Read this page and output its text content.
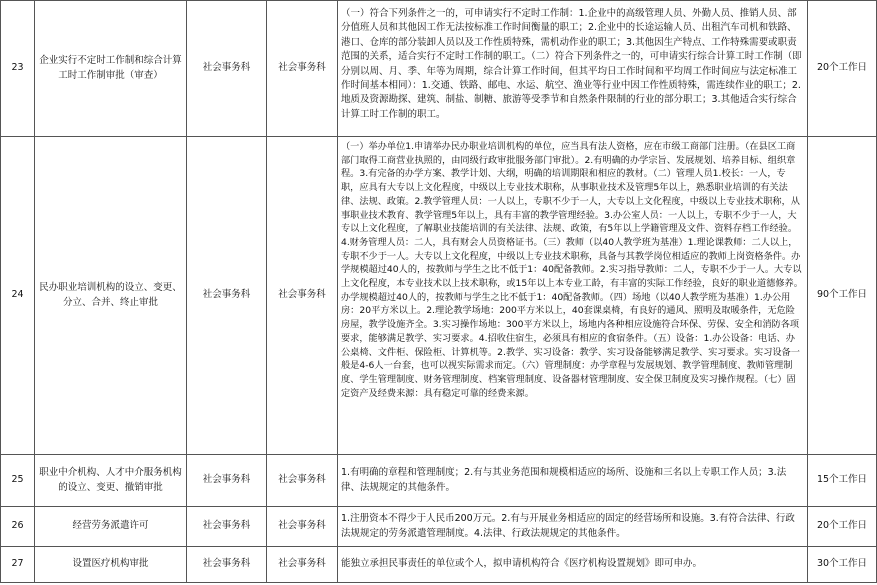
23	企业实行不定时工作制和综合计算工时工作制审批（审查）	社会事务科	社会事务科	（一）符合下列条件之一的，可申请实行不定时工作制：1.企业中的高级管理人员、外勤人员、推销人员、部分值班人员和其他因工作无法按标准工作时间衡量的职工；2.企业中的长途运输人员、出租汽车司机和铁路、港口、仓库的部分装卸人员以及工作性质特殊，需机动作业的职工；3.其他因生产特点、工作特殊需要或职责范围的关系，适合实行不定时工作制的职工。（二）符合下列条件之一的，可申请实行综合计算工时工作制（即分别以周、月、季、年等为周期，综合计算工作时间，但其平均日工作时间和平均周工作时间应与法定标准工作时间基本相同）：1.交通、铁路、邮电、水运、航空、渔业等行业中因工作性质特殊，需连续作业的职工；2.地质及资源勘探、建筑、制盐、制糖、旅游等受季节和自然条件限制的行业的部分职工；3.其他适合实行综合计算工时工作制的职工。	20个工作日
24	民办职业培训机构的设立、变更、分立、合并、终止审批	社会事务科	社会事务科	（一）举办单位1.申请举办民办职业培训机构的单位，应当具有法人资格，应在市级工商部门注册。（在县区工商部门取得工商营业执照的，由同级行政审批服务部门审批）。2.有明确的办学宗旨、发展规划、培养目标、组织章程。3.有完备的办学方案、教学计划、大纲，明确的培训期限和相应的教材。（二）管理人员1.校长：一人，专职，应具有大专以上文化程度，中级以上专业技术职称，从事职业技术及管理5年以上，熟悉职业培训的有关法律、法规、政策。2.教学管理人员：一人以上，专职不少于一人，大专以上文化程度，中级以上专业技术职称，从事职业技术教育、教学管理5年以上，具有丰富的教学管理经验。3.办公室人员：一人以上，专职不少于一人，大专以上文化程度，了解职业技能培训的有关法律、法规、政策，有5年以上学籍管理及文件、资料存档工作经验。4.财务管理人员：二人，具有财会人员资格证书。（三）教师（以40人教学班为基准）1.理论课教师：二人以上，专职不少于一人。大专以上文化程度，中级以上专业技术职称，具备与其教学岗位相适应的教师上岗资格条件。办学规模超过40人的，按教师与学生之比不低于1：40配备教师。2.实习指导教师：二人，专职不少于一人。大专以上文化程度，本专业技术以上技术职称，或15年以上本专业工龄，有丰富的实际工作经验，良好的职业道德修养。办学规模超过40人的，按教师与学生之比不低于1：40配备教师。（四）场地（以40人教学班为基准）1.办公用房：20平方米以上。2.理论教学场地：200平方米以上，40套课桌椅，有良好的通风、照明及取暖条件，无危险房屋，教学设施齐全。3.实习操作场地：300平方米以上，场地内各种相应设施符合环保、劳保、安全和消防各项要求，能够满足教学、实习要求。4.招收住宿生，必须具有相应的食宿条件。（五）设备：1.办公设备：电话、办公桌椅、文件柜、保险柜、计算机等。2.教学、实习设备：教学、实习设备能够满足教学、实习要求。实习设备一般是4-6人一台套，也可以视实际需求而定。（六）管理制度：办学章程与发展规划、教学管理制度、教师管理制度、学生管理制度、财务管理制度、档案管理制度、设备器材管理制度、安全保卫制度及实习操作规程。（七）固定资产及经费来源：具有稳定可靠的经费来源。	90个工作日
25	职业中介机构、人才中介服务机构的设立、变更、撤销审批	社会事务科	社会事务科	1.有明确的章程和管理制度；2.有与其业务范围和规模相适应的场所、设施和三名以上专职工作人员；3.法律、法规规定的其他条件。	15个工作日
26	经营劳务派遣许可	社会事务科	社会事务科	1.注册资本不得少于人民币200万元。2.有与开展业务相适应的固定的经营场所和设施。3.有符合法律、行政法规规定的劳务派遣管理制度。4.法律、行政法规规定的其他条件。	20个工作日
27	设置医疗机构审批	社会事务科	社会事务科	能独立承担民事责任的单位或个人，拟申请机构符合《医疗机构设置规划》即可申办。	30个工作日
